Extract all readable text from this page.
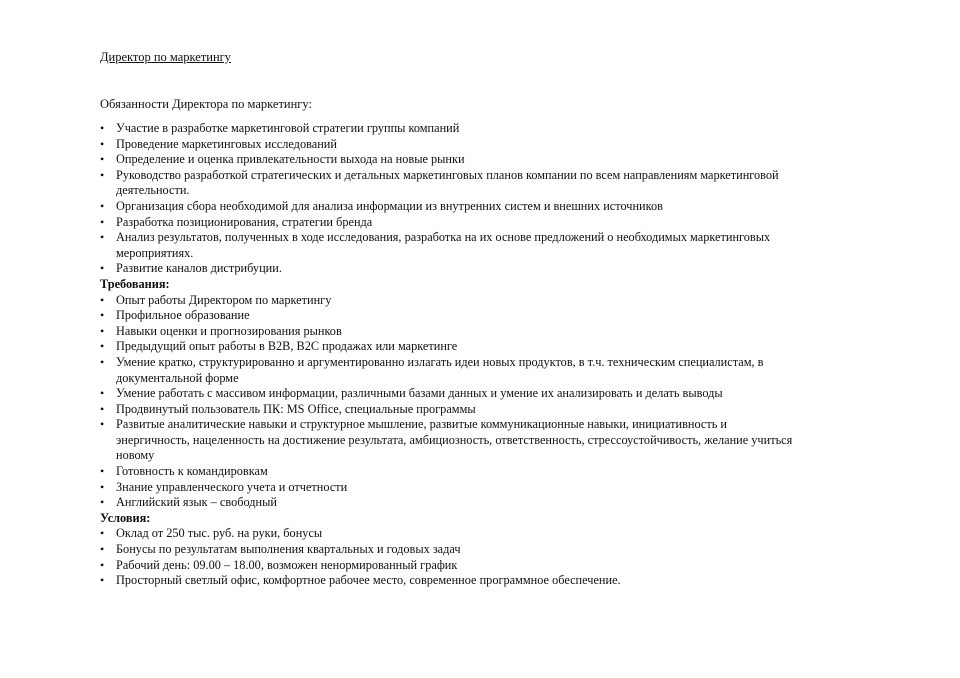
Директор по маркетингу
Обязанности Директора по маркетингу:
• Участие в разработке маркетинговой стратегии группы компаний
• Проведение маркетинговых исследований
• Определение и оценка привлекательности выхода на новые рынки
• Руководство разработкой стратегических и детальных маркетинговых планов компании по всем направлениям маркетинговой деятельности.
• Организация сбора необходимой для анализа информации из внутренних систем и внешних источников
• Разработка позиционирования, стратегии бренда
• Анализ результатов, полученных в ходе исследования, разработка на их основе предложений о необходимых маркетинговых мероприятиях.
• Развитие каналов дистрибуции.
Требования:
• Опыт работы Директором по маркетингу
• Профильное образование
• Навыки оценки и прогнозирования рынков
• Предыдущий опыт работы в B2B, B2C продажах или маркетинге
• Умение кратко, структурированно и аргументированно излагать идеи новых продуктов, в т.ч. техническим специалистам, в документальной форме
• Умение работать с массивом информации, различными базами данных и умение их анализировать и делать выводы
• Продвинутый пользователь ПК: MS Office, специальные программы
• Развитые аналитические навыки и структурное мышление, развитые коммуникационные навыки, инициативность и энергичность, нацеленность на достижение результата, амбициозность, ответственность, стрессоустойчивость, желание учиться новому
• Готовность к командировкам
• Знание управленческого учета и отчетности
• Английский язык – свободный
Условия:
• Оклад от 250 тыс. руб. на руки, бонусы
• Бонусы по результатам выполнения квартальных и годовых задач
• Рабочий день: 09.00 – 18.00, возможен ненормированный график
• Просторный светлый офис, комфортное рабочее место, современное программное обеспечение.
